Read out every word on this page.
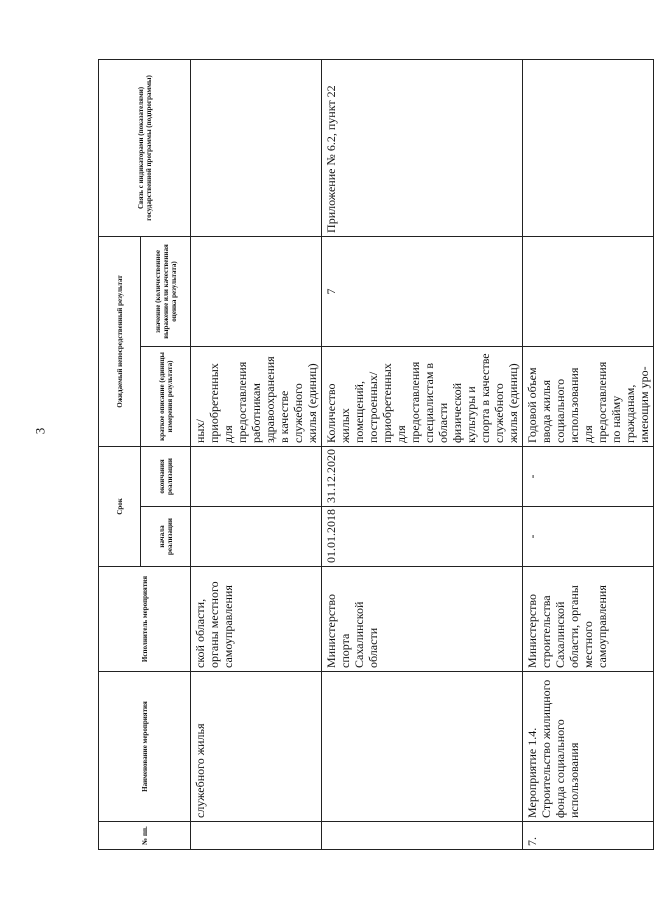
3
№ пп.	Наименование мероприятия	Исполнитель мероприятия	Срок		Ожидаемый непосредственный результат		Связь с индикаторами (показателями) государственной программы (подпрограммы)
			начала реализации	окончания реализации	краткое описание (единицы измерения результата)	значение (количественное выражение или качественная оценка результата)	
	служебного жилья	ской области, органы местного самоуправления			ных/приобретенных для предоставления работникам здравоохранения в качестве служебного жилья (единиц)		
		Министерство спорта Сахалинской области	01.01.2018	31.12.2020	Количество жилых помещений, построенных/ приобретенных для предоставления специалистам в области физической культуры и спорта в качестве служебного жилья (единиц)	7	Приложение № 6.2, пункт 22
7.	Мероприятие 1.4. Строительство жилищного фонда социального использования	Министерство строительства Сахалинской области, органы местного самоуправления	-	-	Годовой объем ввода жилья социального использования для предоставления по найму гражданам, имеющим уро-		
